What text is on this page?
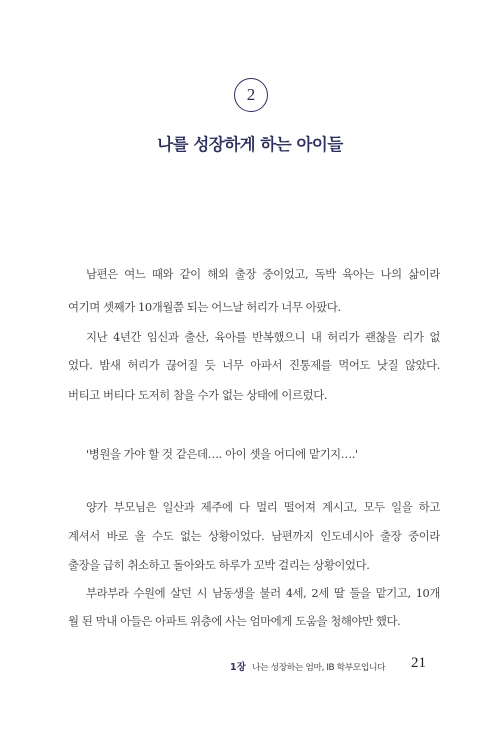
2
나를 성장하게 하는 아이들
남편은 여느 때와 같이 해외 출장 중이었고, 독박 육아는 나의 삶이라
여기며 셋째가 10개월쯤 되는 어느날 허리가 너무 아팠다.
지난 4년간 임신과 출산, 육아를 반복했으니 내 허리가 괜찮을 리가 없
었다. 밤새 허리가 끊어질 듯 너무 아파서 진통제를 먹어도 낫질 않았다.
버티고 버티다 도저히 참을 수가 없는 상태에 이르렀다.
'병원을 가야 할 것 같은데…. 아이 셋을 어디에 맡기지….'
양가 부모님은 일산과 제주에 다 멀리 떨어져 계시고, 모두 일을 하고
계셔서 바로 올 수도 없는 상황이었다. 남편까지 인도네시아 출장 중이라
출장을 급히 취소하고 돌아와도 하루가 꼬박 걸리는 상황이었다.
부라부라 수원에 살던 시 남동생을 불러 4세, 2세 딸 둘을 맡기고, 10개
월 된 막내 아들은 아파트 위층에 사는 엄마에게 도움을 청해야만 했다.
1장 나는 성장하는 엄마, IB 학부모입니다 21
